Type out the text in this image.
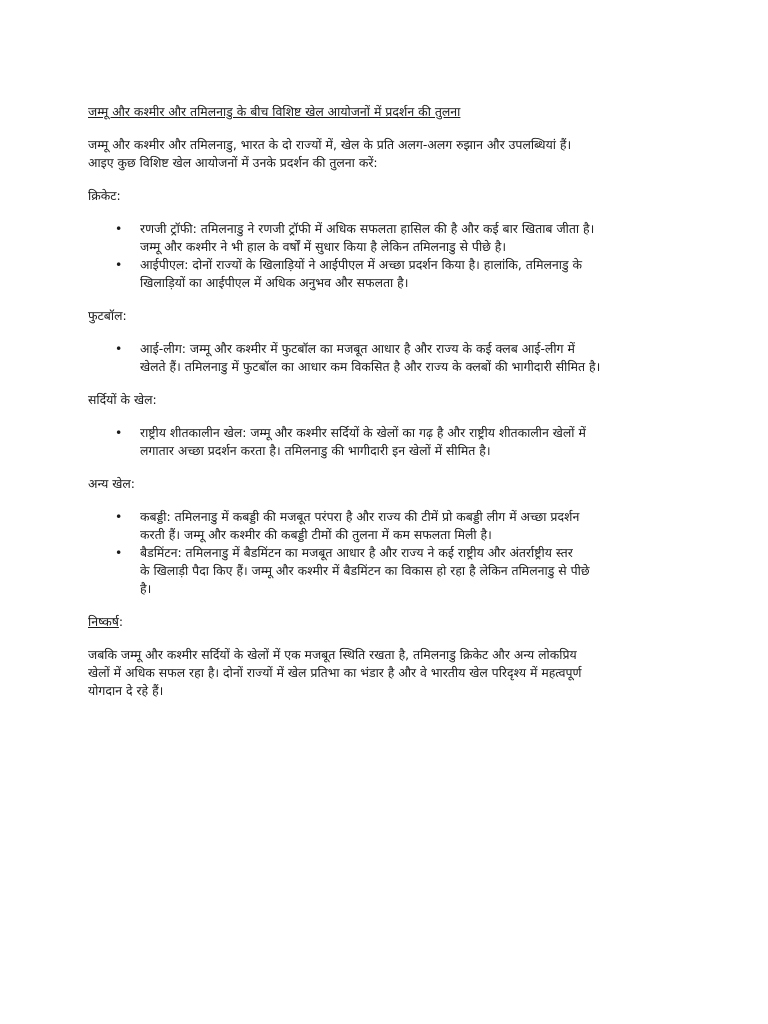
जम्मू और कश्मीर और तमिलनाडु के बीच विशिष्ट खेल आयोजनों में प्रदर्शन की तुलना
जम्मू और कश्मीर और तमिलनाडु, भारत के दो राज्यों में, खेल के प्रति अलग-अलग रुझान और उपलब्धियां हैं।
आइए कुछ विशिष्ट खेल आयोजनों में उनके प्रदर्शन की तुलना करें:
क्रिकेट:
• रणजी ट्रॉफी: तमिलनाडु ने रणजी ट्रॉफी में अधिक सफलता हासिल की है और कई बार खिताब जीता है।
जम्मू और कश्मीर ने भी हाल के वर्षों में सुधार किया है लेकिन तमिलनाडु से पीछे है।
• आईपीएल: दोनों राज्यों के खिलाड़ियों ने आईपीएल में अच्छा प्रदर्शन किया है। हालांकि, तमिलनाडु के
खिलाड़ियों का आईपीएल में अधिक अनुभव और सफलता है।
फुटबॉल:
• आई-लीग: जम्मू और कश्मीर में फुटबॉल का मजबूत आधार है और राज्य के कई क्लब आई-लीग में
खेलते हैं। तमिलनाडु में फुटबॉल का आधार कम विकसित है और राज्य के क्लबों की भागीदारी सीमित है।
सर्दियों के खेल:
• राष्ट्रीय शीतकालीन खेल: जम्मू और कश्मीर सर्दियों के खेलों का गढ़ है और राष्ट्रीय शीतकालीन खेलों में
लगातार अच्छा प्रदर्शन करता है। तमिलनाडु की भागीदारी इन खेलों में सीमित है।
अन्य खेल:
• कबड्डी: तमिलनाडु में कबड्डी की मजबूत परंपरा है और राज्य की टीमें प्रो कबड्डी लीग में अच्छा प्रदर्शन
करती हैं। जम्मू और कश्मीर की कबड्डी टीमों की तुलना में कम सफलता मिली है।
• बैडमिंटन: तमिलनाडु में बैडमिंटन का मजबूत आधार है और राज्य ने कई राष्ट्रीय और अंतर्राष्ट्रीय स्तर
के खिलाड़ी पैदा किए हैं। जम्मू और कश्मीर में बैडमिंटन का विकास हो रहा है लेकिन तमिलनाडु से पीछे
है।
निष्कर्ष:
जबकि जम्मू और कश्मीर सर्दियों के खेलों में एक मजबूत स्थिति रखता है, तमिलनाडु क्रिकेट और अन्य लोकप्रिय
खेलों में अधिक सफल रहा है। दोनों राज्यों में खेल प्रतिभा का भंडार है और वे भारतीय खेल परिदृश्य में महत्वपूर्ण
योगदान दे रहे हैं।
